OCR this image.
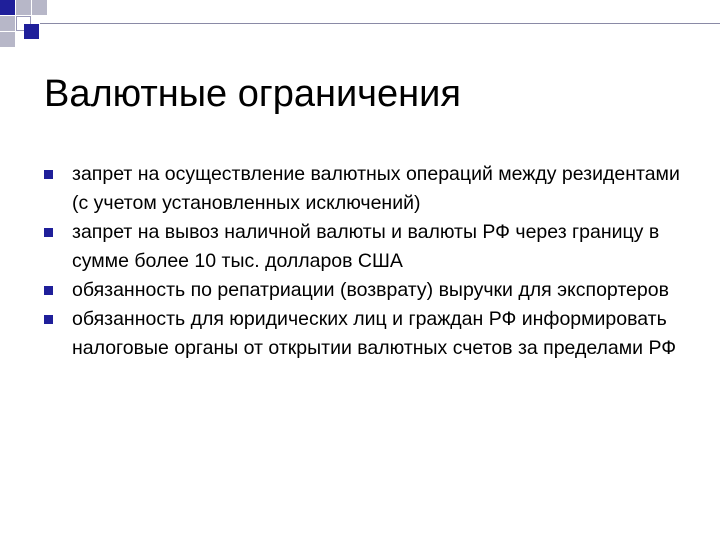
Валютные ограничения
запрет на осуществление валютных операций между резидентами (с учетом установленных исключений)
запрет на вывоз наличной валюты и валюты РФ через границу в сумме более 10 тыс. долларов США
обязанность по репатриации (возврату) выручки для экспортеров
обязанность для юридических лиц и граждан РФ информировать налоговые органы от открытии валютных счетов за пределами РФ
